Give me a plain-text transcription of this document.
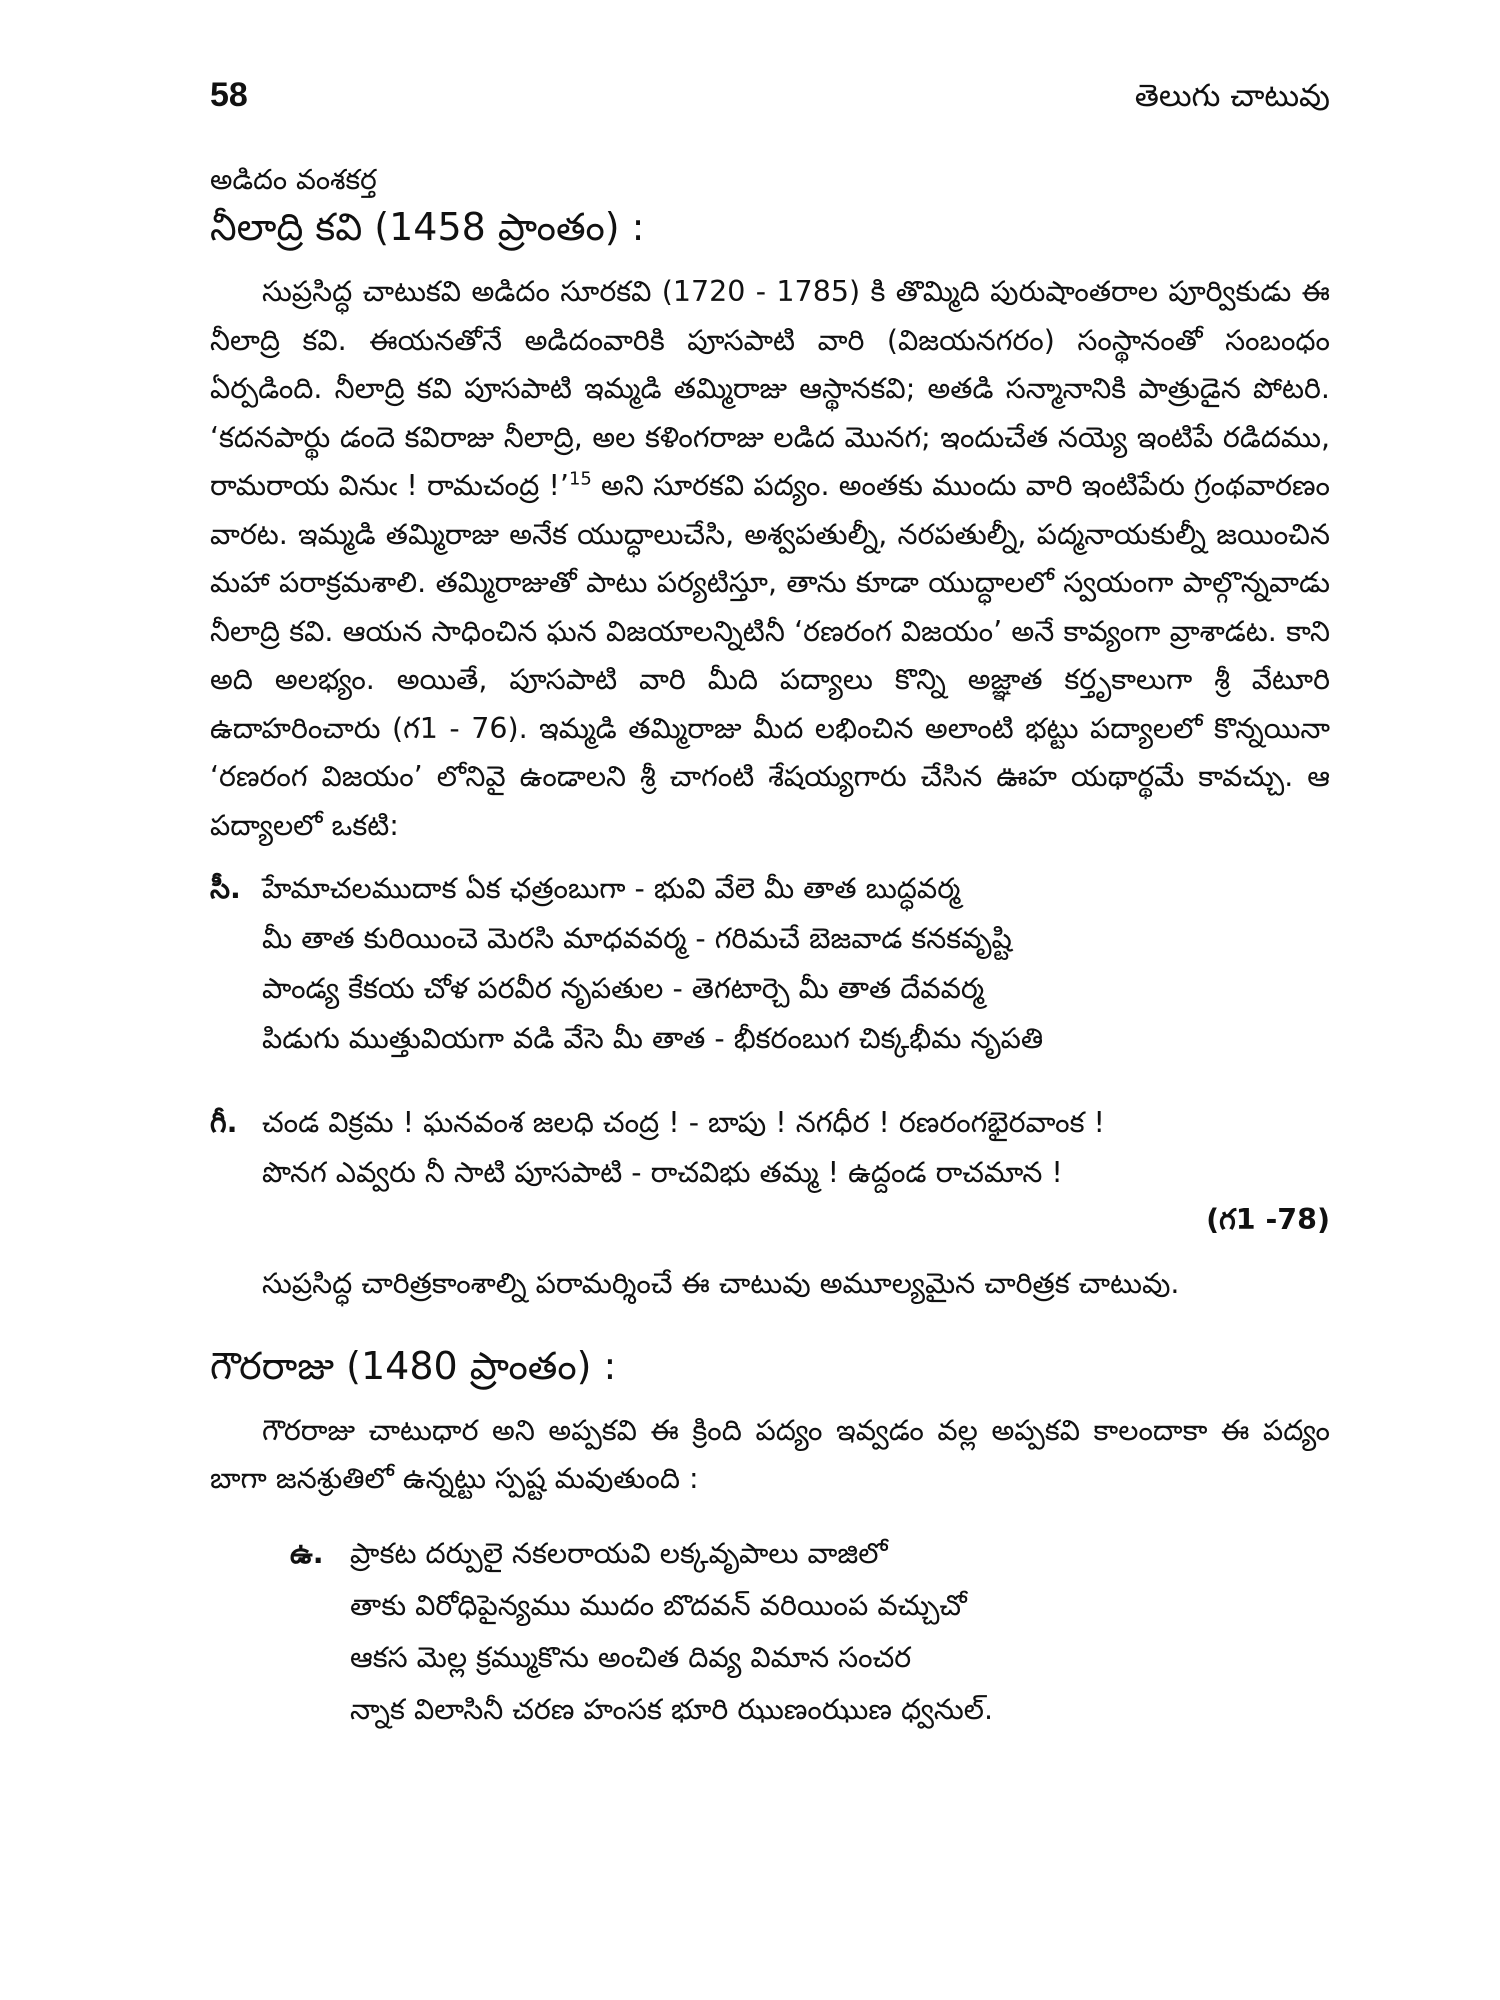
58	తెలుగు చాటువు
అడిదం వంశకర్త
నీలాద్రి కవి (1458 ప్రాంతం) :

సుప్రసిద్ధ చాటుకవి అడిదం సూరకవి (1720 - 1785) కి తొమ్మిది పురుషాంతరాల పూర్వికుడు ఈ నీలాద్రి కవి. ఈయనతోనే అడిదంవారికి పూసపాటి వారి (విజయనగరం) సంస్థానంతో సంబంధం ఏర్పడింది. నీలాద్రి కవి పూసపాటి ఇమ్మడి తమ్మిరాజు ఆస్థానకవి; అతడి సన్మానానికి పాత్రుడైన పోటరి. ‘కదనపార్థు డందె కవిరాజు నీలాద్రి, అల కళింగరాజు లడిద మొనగ; ఇందుచేత నయ్యె ఇంటిపే రడిదము, రామరాయ వినుఁ ! రామచంద్ర !’$^{15}$ అని సూరకవి పద్యం. అంతకు ముందు వారి ఇంటిపేరు గ్రంథవారణం వారట. ఇమ్మడి తమ్మిరాజు అనేక యుద్ధాలుచేసి, అశ్వపతుల్నీ, నరపతుల్నీ, పద్మనాయకుల్నీ జయించిన మహా పరాక్రమశాలి. తమ్మిరాజుతో పాటు పర్యటిస్తూ, తాను కూడా యుద్ధాలలో స్వయంగా పాల్గొన్నవాడు నీలాద్రి కవి. ఆయన సాధించిన ఘన విజయాలన్నిటినీ ‘రణరంగ విజయం’ అనే కావ్యంగా వ్రాశాడట. కాని అది అలభ్యం. అయితే, పూసపాటి వారి మీది పద్యాలు కొన్ని అజ్ఞాత కర్తృకాలుగా శ్రీ వేటూరి ఉదాహరించారు (గ1 - 76). ఇమ్మడి తమ్మిరాజు మీద లభించిన అలాంటి భట్టు పద్యాలలో కొన్నయినా ‘రణరంగ విజయం’ లోనివై ఉండాలని శ్రీ చాగంటి శేషయ్యగారు చేసిన ఊహ యథార్థమే కావచ్చు. ఆ పద్యాలలో ఒకటి:

సీ. హేమాచలముదాక ఏక ఛత్రంబుగా - భువి వేలె మీ తాత బుద్ధవర్మ
మీ తాత కురియించె మెరసి మాధవవర్మ - గరిమచే బెజవాడ కనకవృష్టి
పాండ్య కేకయ చోళ పరవీర నృపతుల - తెగటార్చె మీ తాత దేవవర్మ
పిడుగు ముత్తువియగా వడి వేసె మీ తాత - భీకరంబుగ చిక్కభీమ నృపతి
గీ. చండ విక్రమ ! ఘనవంశ జలధి చంద్ర ! - బాపు ! నగధీర ! రణరంగభైరవాంక !
పొనగ ఎవ్వరు నీ సాటి పూసపాటి - రాచవిభు తమ్మ ! ఉద్దండ రాచమాన !
(గ1 -78)

సుప్రసిద్ధ చారిత్రకాంశాల్ని పరామర్శించే ఈ చాటువు అమూల్యమైన చారిత్రక చాటువు.

గౌరరాజు (1480 ప్రాంతం) :

గౌరరాజు చాటుధార అని అప్పకవి ఈ క్రింది పద్యం ఇవ్వడం వల్ల అప్పకవి కాలందాకా ఈ పద్యం బాగా జనశ్రుతిలో ఉన్నట్టు స్పష్ట మవుతుంది :

ఉ. ప్రాకట దర్పులై నకలరాయవి లక్కవృపాలు వాజిలో
తాకు విరోధిపైన్యము ముదం బొదవన్ వరియింప వచ్చుచో
ఆకస మెల్ల క్రమ్ముకొను అంచిత దివ్య విమాన సంచర
న్నాక విలాసినీ చరణ హంసక భూరి ఝుణంఝుణ ధ్వనుల్.
